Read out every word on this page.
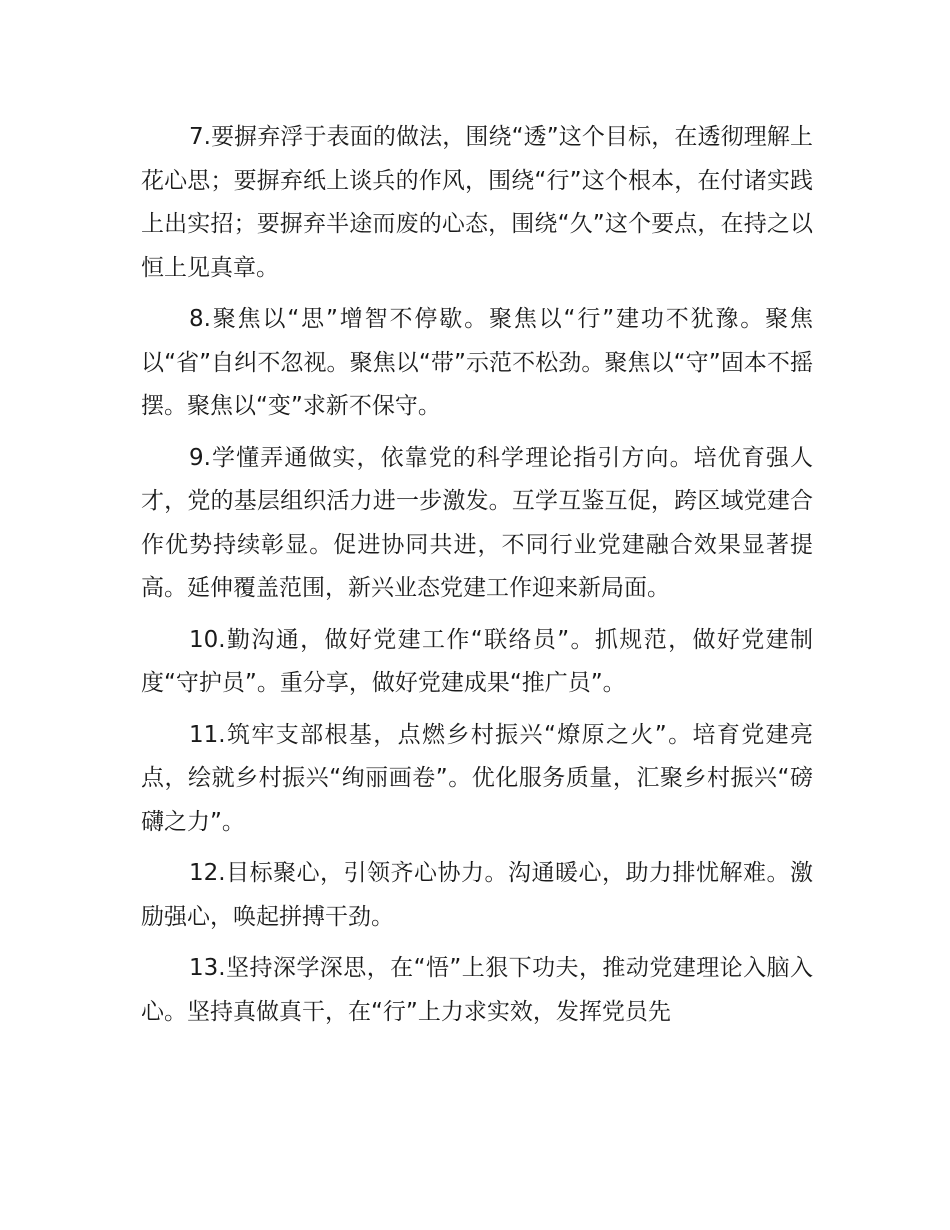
7.要摒弃浮于表面的做法，围绕“透”这个目标，在透彻理解上花心思；要摒弃纸上谈兵的作风，围绕“行”这个根本，在付诸实践上出实招；要摒弃半途而废的心态，围绕“久”这个要点，在持之以恒上见真章。

8.聚焦以“思”增智不停歇。聚焦以“行”建功不犹豫。聚焦以“省”自纠不忽视。聚焦以“带”示范不松劲。聚焦以“守”固本不摇摆。聚焦以“变”求新不保守。

9.学懂弄通做实，依靠党的科学理论指引方向。培优育强人才，党的基层组织活力进一步激发。互学互鉴互促，跨区域党建合作优势持续彰显。促进协同共进，不同行业党建融合效果显著提高。延伸覆盖范围，新兴业态党建工作迎来新局面。

10.勤沟通，做好党建工作“联络员”。抓规范，做好党建制度“守护员”。重分享，做好党建成果“推广员”。

11.筑牢支部根基，点燃乡村振兴“燎原之火”。培育党建亮点，绘就乡村振兴“绚丽画卷”。优化服务质量，汇聚乡村振兴“磅礴之力”。

12.目标聚心，引领齐心协力。沟通暖心，助力排忧解难。激励强心，唤起拼搏干劲。

13.坚持深学深思，在“悟”上狠下功夫，推动党建理论入脑入心。坚持真做真干，在“行”上力求实效，发挥党员先
